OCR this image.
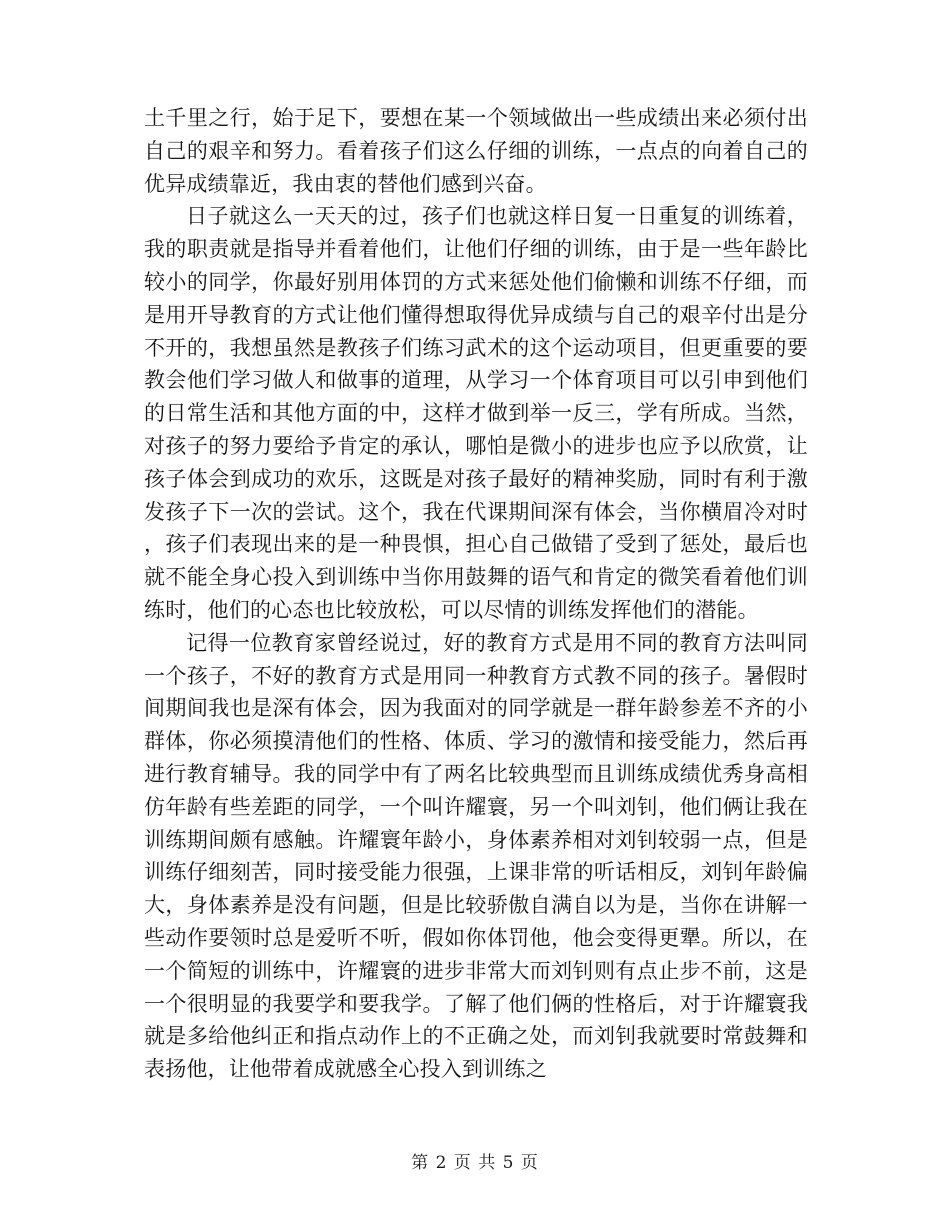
土千里之行，始于足下，要想在某一个领域做出一些成绩出来必须付出自己的艰辛和努力。看着孩子们这么仔细的训练，一点点的向着自己的优异成绩靠近，我由衷的替他们感到兴奋。

日子就这么一天天的过，孩子们也就这样日复一日重复的训练着，我的职责就是指导并看着他们，让他们仔细的训练，由于是一些年龄比较小的同学，你最好别用体罚的方式来惩处他们偷懒和训练不仔细，而是用开导教育的方式让他们懂得想取得优异成绩与自己的艰辛付出是分不开的，我想虽然是教孩子们练习武术的这个运动项目，但更重要的要教会他们学习做人和做事的道理，从学习一个体育项目可以引申到他们的日常生活和其他方面的中，这样才做到举一反三，学有所成。当然，对孩子的努力要给予肯定的承认，哪怕是微小的进步也应予以欣赏，让孩子体会到成功的欢乐，这既是对孩子最好的精神奖励，同时有利于激发孩子下一次的尝试。这个，我在代课期间深有体会，当你横眉冷对时，孩子们表现出来的是一种畏惧，担心自己做错了受到了惩处，最后也就不能全身心投入到训练中当你用鼓舞的语气和肯定的微笑看着他们训练时，他们的心态也比较放松，可以尽情的训练发挥他们的潜能。

记得一位教育家曾经说过，好的教育方式是用不同的教育方法叫同一个孩子，不好的教育方式是用同一种教育方式教不同的孩子。暑假时间期间我也是深有体会，因为我面对的同学就是一群年龄参差不齐的小群体，你必须摸清他们的性格、体质、学习的激情和接受能力，然后再进行教育辅导。我的同学中有了两名比较典型而且训练成绩优秀身高相仿年龄有些差距的同学，一个叫许耀寰，另一个叫刘钊，他们俩让我在训练期间颇有感触。许耀寰年龄小，身体素养相对刘钊较弱一点，但是训练仔细刻苦，同时接受能力很强，上课非常的听话相反，刘钊年龄偏大，身体素养是没有问题，但是比较骄傲自满自以为是，当你在讲解一些动作要领时总是爱听不听，假如你体罚他，他会变得更犟。所以，在一个简短的训练中，许耀寰的进步非常大而刘钊则有点止步不前，这是一个很明显的我要学和要我学。了解了他们俩的性格后，对于许耀寰我就是多给他纠正和指点动作上的不正确之处，而刘钊我就要时常鼓舞和表扬他，让他带着成就感全心投入到训练之

第 2 页 共 5 页
